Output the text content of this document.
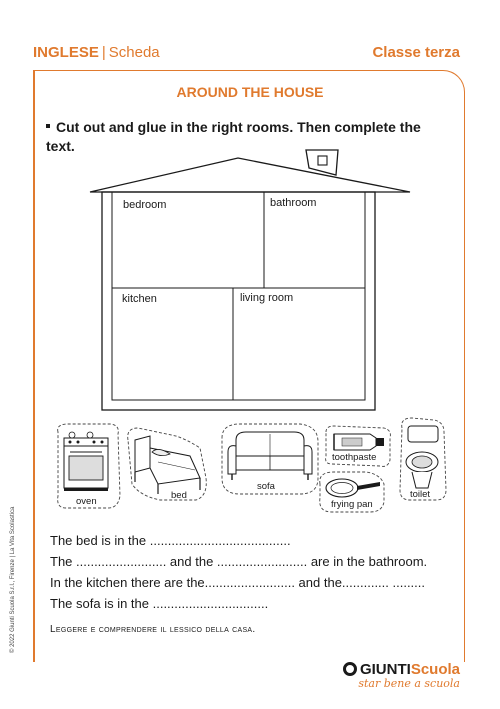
INGLESE | Scheda	Classe terza
AROUND THE HOUSE
Cut out and glue in the right rooms. Then complete the text.
bedroom	bathroom
kitchen	living room
oven
bed
sofa
toothpaste
toilet
frying pan
The bed is in the .......................................
The ......................... and the ......................... are in the bathroom.
In the kitchen there are the......................... and the............. .........
The sofa is in the ................................
Leggere e comprendere il lessico della casa.
© 2022 Giunti Scuola S.r.l., Firenze | La Vita Scolastica
GIUNTIScuola
star bene a scuola
